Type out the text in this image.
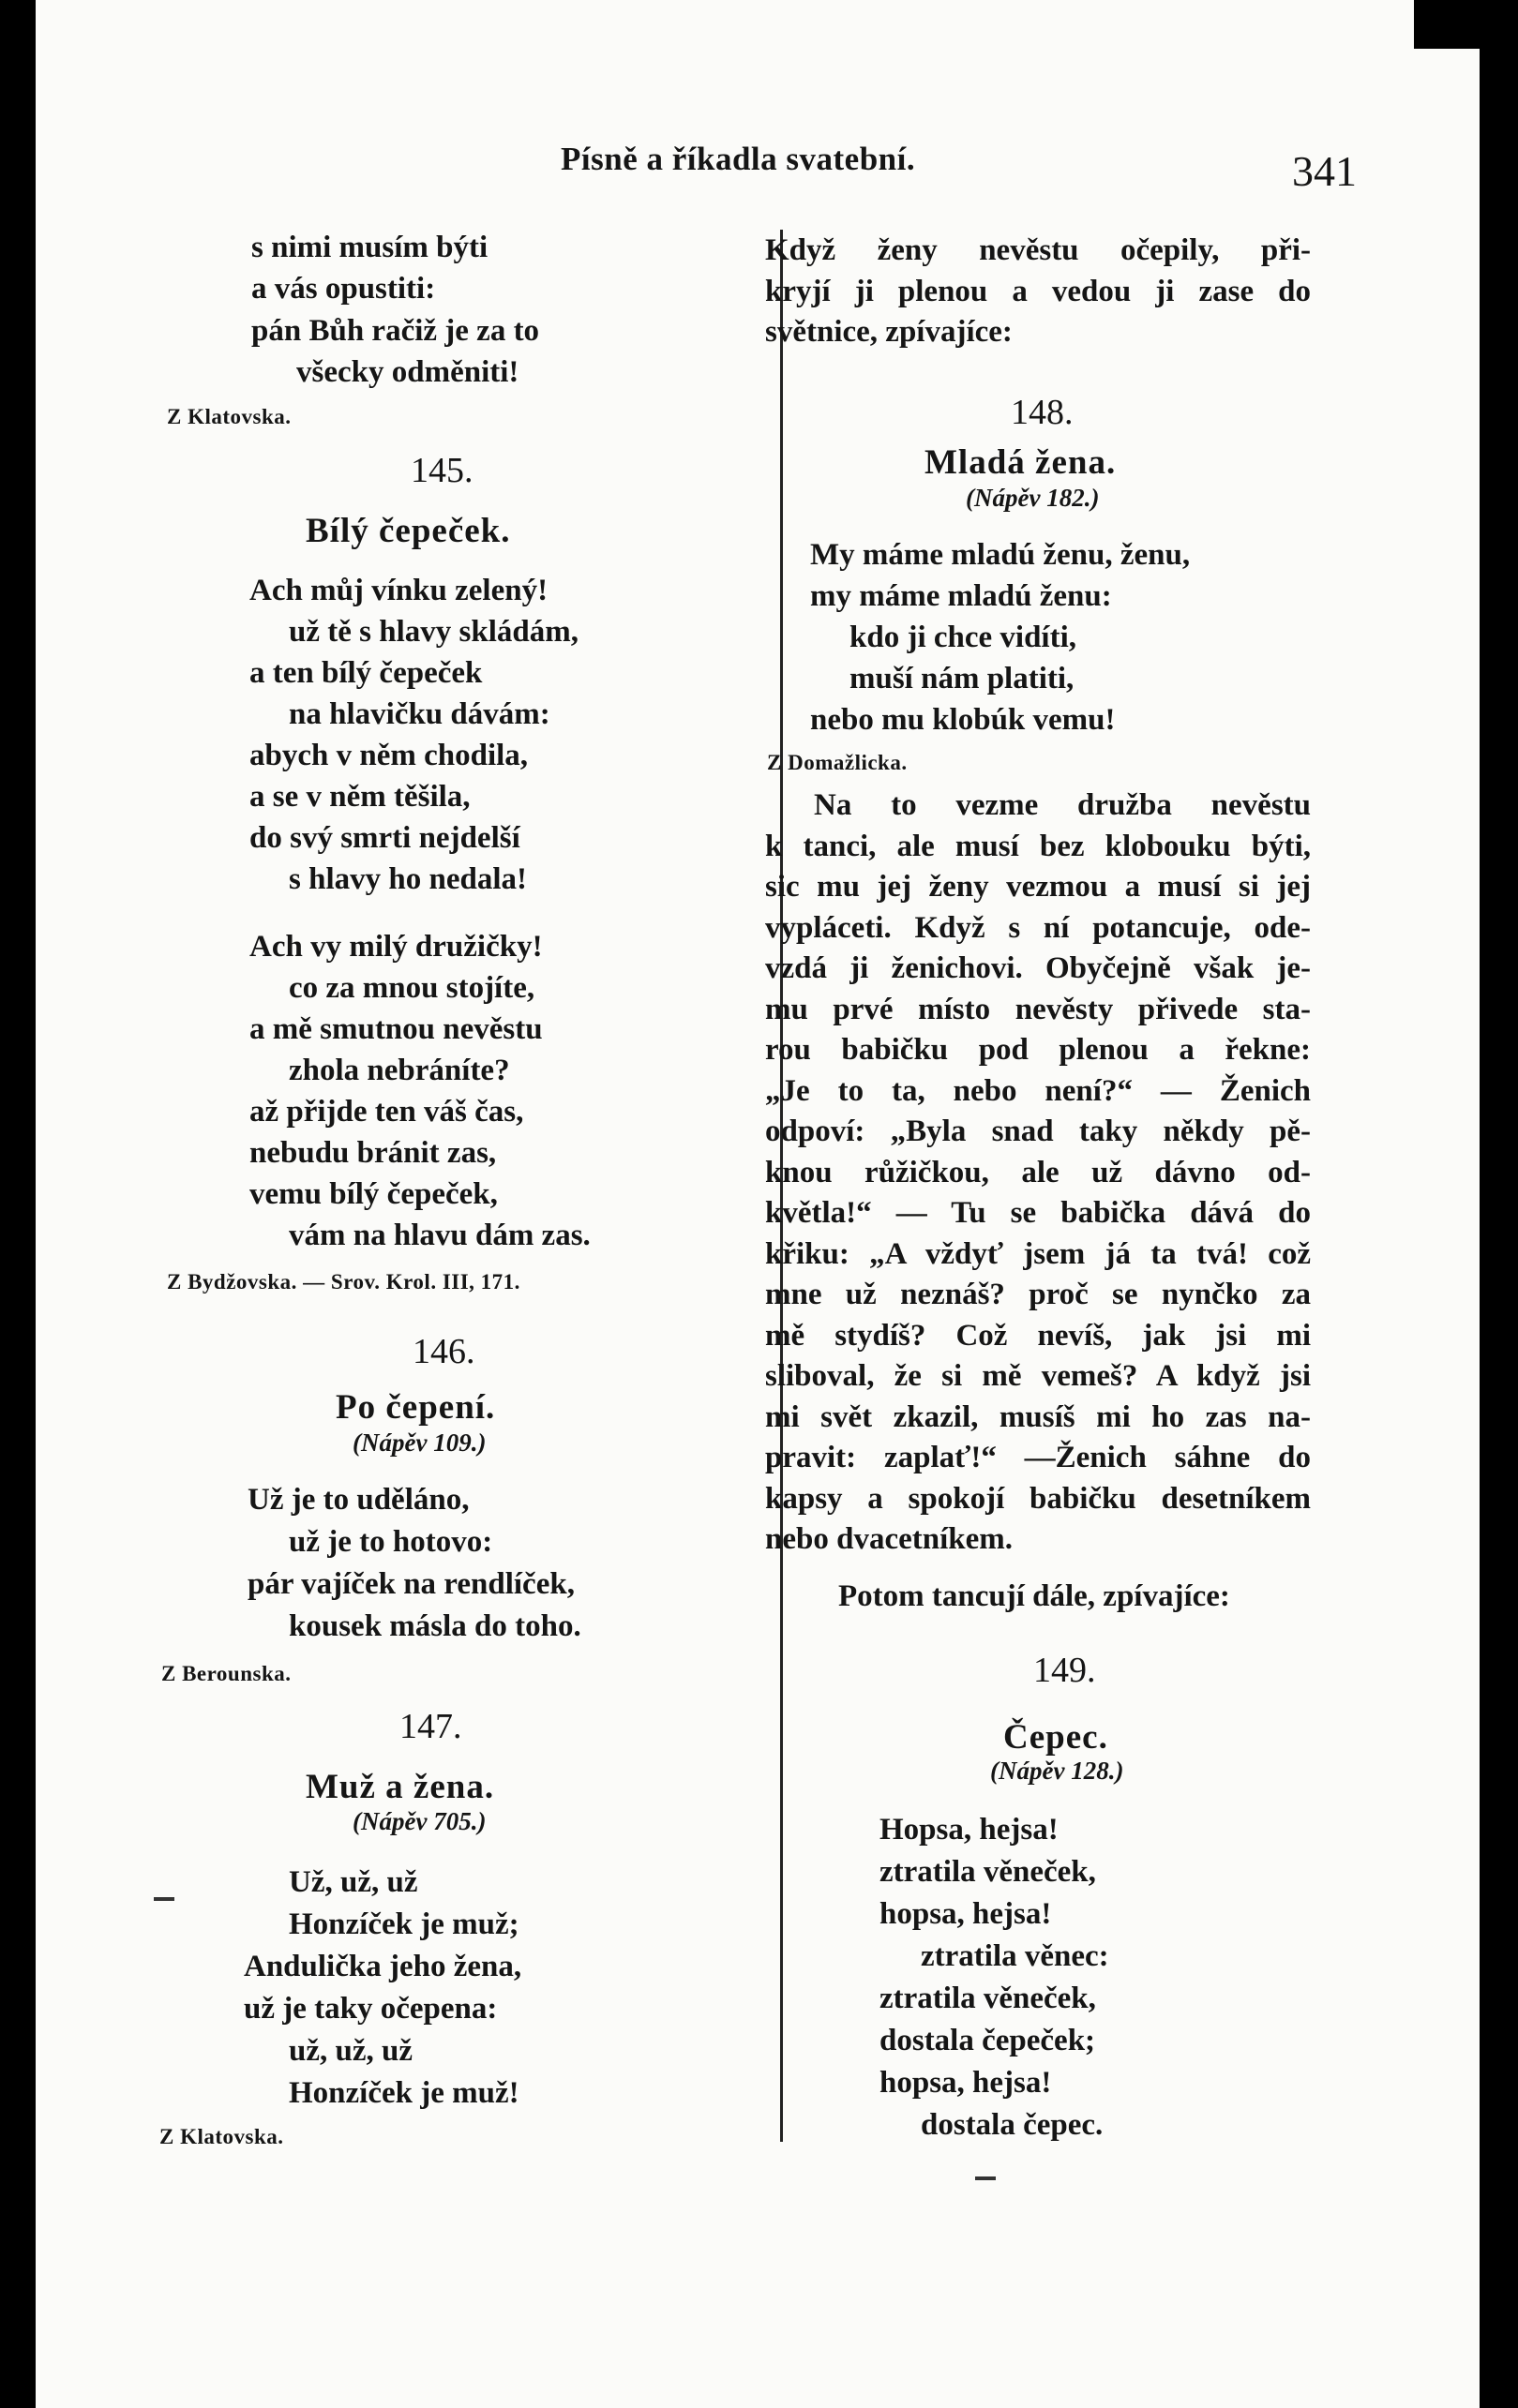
Písně a říkadla svatební.	341
s nimi musím býti
a vás opustiti:
pán Bůh račiž je za to
všecky odměniti!
Z Klatovska.
145.
Bílý čepeček.
Ach můj vínku zelený!
už tě s hlavy skládám,
a ten bílý čepeček
na hlavičku dávám:
abych v něm chodila,
a se v něm těšila,
do svý smrti nejdelší
s hlavy ho nedala!
Ach vy milý družičky!
co za mnou stojíte,
a mě smutnou nevěstu
zhola nebráníte?
až přijde ten váš čas,
nebudu bránit zas,
vemu bílý čepeček,
vám na hlavu dám zas.
Z Bydžovska. — Srov. Krol. III, 171.
146.
Po čepení.
(Nápěv 109.)
Už je to uděláno,
už je to hotovo:
pár vajíček na rendlíček,
kousek másla do toho.
Z Berounska.
147.
Muž a žena.
(Nápěv 705.)
Už, už, už
Honzíček je muž;
Andulička jeho žena,
už je taky očepena:
už, už, už
Honzíček je muž!
Z Klatovska.
Když ženy nevěstu očepily, při-
kryjí ji plenou a vedou ji zase do
světnice, zpívajíce:
148.
Mladá žena.
(Nápěv 182.)
My máme mladú ženu, ženu,
my máme mladú ženu:
kdo ji chce vidíti,
muší nám platiti,
nebo mu klobúk vemu!
Z Domažlicka.
Na to vezme družba nevěstu
k tanci, ale musí bez klobouku býti,
sic mu jej ženy vezmou a musí si jej
vypláceti. Když s ní potancuje, ode-
vzdá ji ženichovi. Obyčejně však je-
mu prvé místo nevěsty přivede sta-
rou babičku pod plenou a řekne:
„Je to ta, nebo není?“ — Ženich
odpoví: „Byla snad taky někdy pě-
knou růžičkou, ale už dávno od-
květla!“ — Tu se babička dává do
křiku: „A vždyť jsem já ta tvá! což
mne už neznáš? proč se nynčko za
mě stydíš? Což nevíš, jak jsi mi
sliboval, že si mě vemeš? A když jsi
mi svět zkazil, musíš mi ho zas na-
pravit: zaplať!“ —Ženich sáhne do
kapsy a spokojí babičku desetníkem
nebo dvacetníkem.
Potom tancují dále, zpívajíce:
149.
Čepec.
(Nápěv 128.)
Hopsa, hejsa!
ztratila věneček,
hopsa, hejsa!
ztratila věnec:
ztratila věneček,
dostala čepeček;
hopsa, hejsa!
dostala čepec.
